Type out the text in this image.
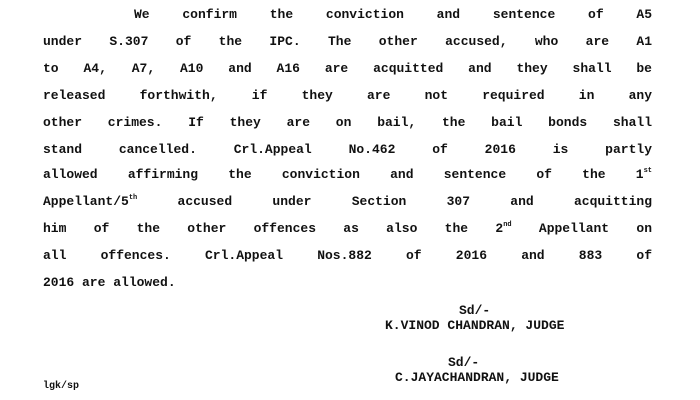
We confirm the conviction and sentence of A5
under S.307 of the IPC. The other accused, who are A1
to A4, A7, A10 and A16 are acquitted and they shall be
released forthwith, if they are not required in any
other crimes. If they are on bail, the bail bonds shall
stand cancelled. Crl.Appeal No.462 of 2016 is partly
allowed affirming the conviction and sentence of the 1st
Appellant/5th	accused under Section 307 and acquitting
him of the other offences as also the 2nd Appellant on
all offences. Crl.Appeal Nos.882 of 2016 and 883 of
2016 are allowed.
Sd/-
K.VINOD CHANDRAN, JUDGE
Sd/-
C.JAYACHANDRAN, JUDGE
lgk/sp
